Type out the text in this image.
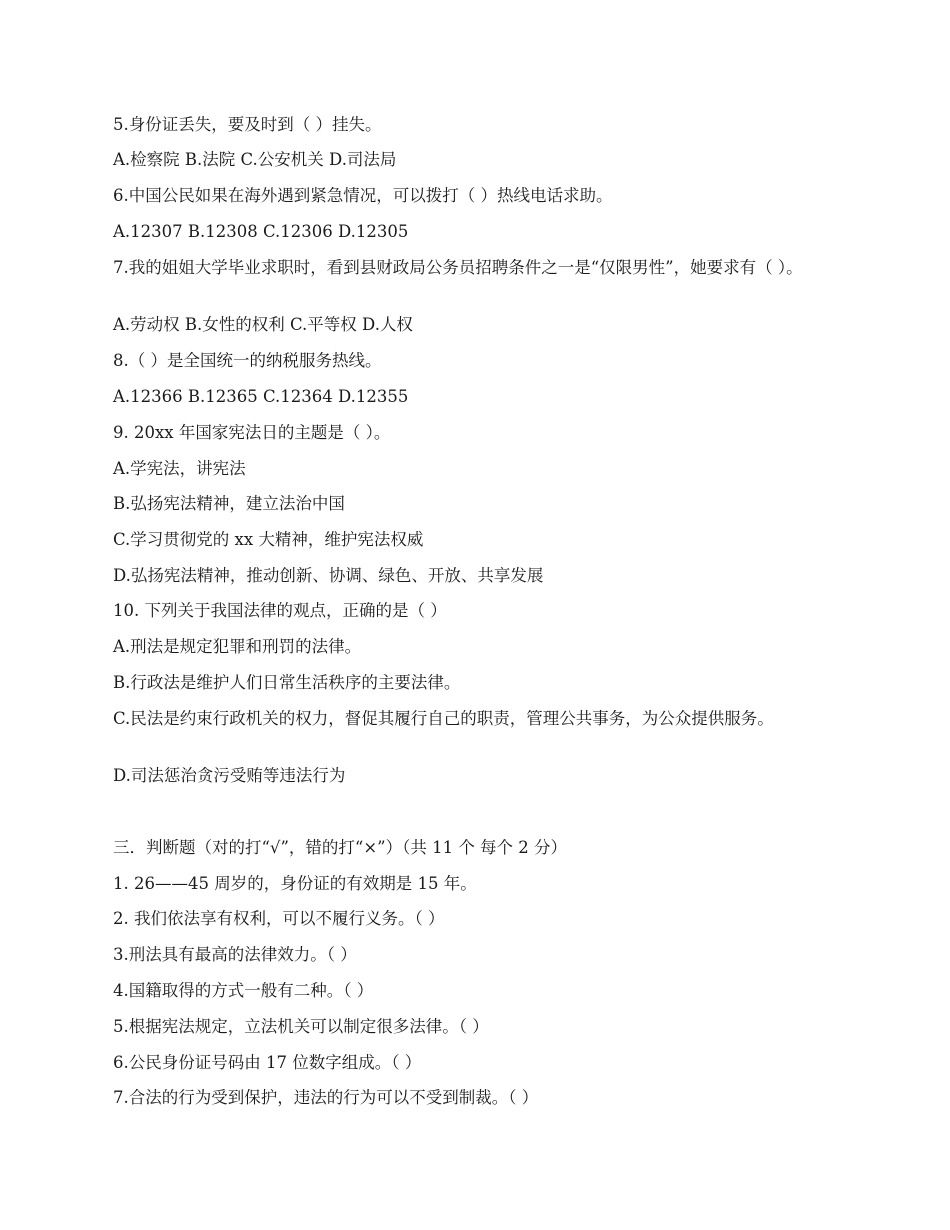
5.身份证丢失，要及时到（ ）挂失。
A.检察院 B.法院 C.公安机关 D.司法局
6.中国公民如果在海外遇到紧急情况，可以拨打（ ）热线电话求助。
A.12307 B.12308 C.12306 D.12305
7.我的姐姐大学毕业求职时，看到县财政局公务员招聘条件之一是“仅限男性”，她要求有（ ）。
A.劳动权 B.女性的权利 C.平等权 D.人权
8.（ ）是全国统一的纳税服务热线。
A.12366 B.12365 C.12364 D.12355
9. 20xx 年国家宪法日的主题是（ ）。
A.学宪法，讲宪法
B.弘扬宪法精神，建立法治中国
C.学习贯彻党的 xx 大精神，维护宪法权威
D.弘扬宪法精神，推动创新、协调、绿色、开放、共享发展
10. 下列关于我国法律的观点，正确的是（ ）
A.刑法是规定犯罪和刑罚的法律。
B.行政法是维护人们日常生活秩序的主要法律。
C.民法是约束行政机关的权力，督促其履行自己的职责，管理公共事务，为公众提供服务。
D.司法惩治贪污受贿等违法行为
三．判断题（对的打“√”，错的打“×”）（共 11 个 每个 2 分）
1. 26——45 周岁的，身份证的有效期是 15 年。
2. 我们依法享有权利，可以不履行义务。（ ）
3.刑法具有最高的法律效力。（ ）
4.国籍取得的方式一般有二种。（ ）
5.根据宪法规定，立法机关可以制定很多法律。（ ）
6.公民身份证号码由 17 位数字组成。（ ）
7.合法的行为受到保护，违法的行为可以不受到制裁。（ ）
